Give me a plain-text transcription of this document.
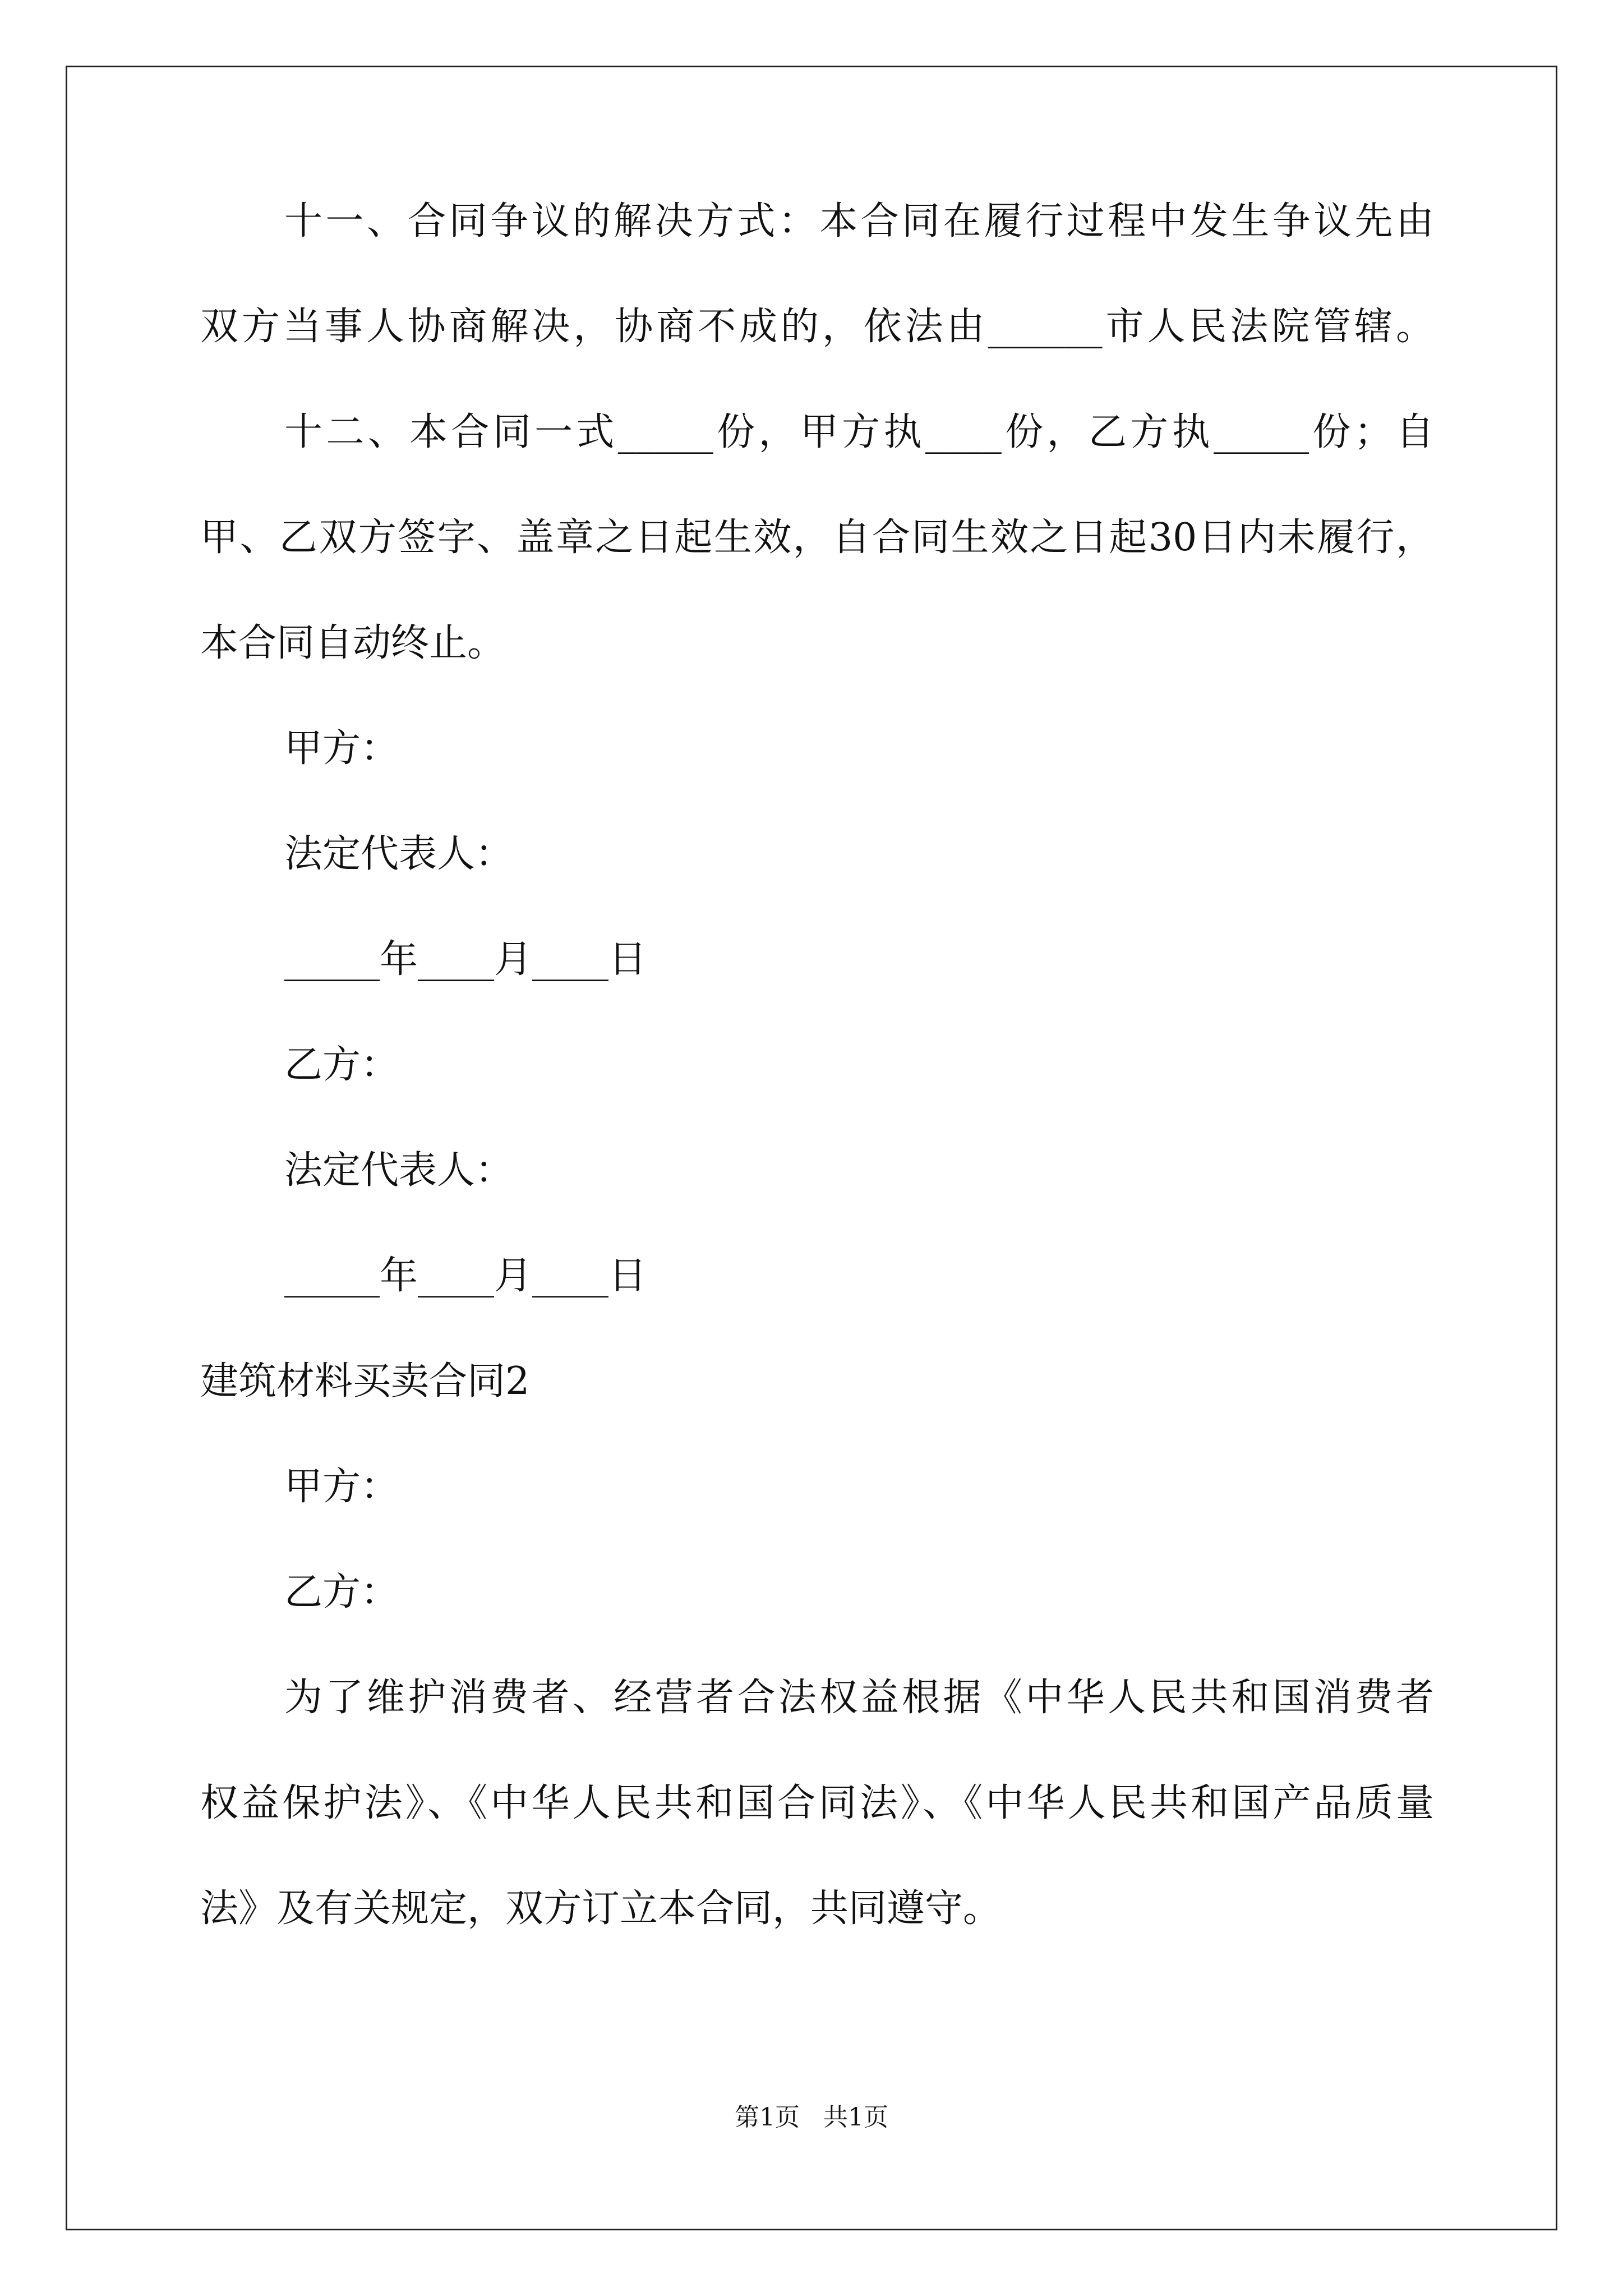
十一、合同争议的解决方式：本合同在履行过程中发生争议先由
双方当事人协商解决，协商不成的，依法由______市人民法院管辖。
十二、本合同一式_____份，甲方执____份，乙方执_____份；自
甲、乙双方签字、盖章之日起生效，自合同生效之日起30日内未履行，
本合同自动终止。
甲方：
法定代表人：
_____年____月____日
乙方：
法定代表人：
_____年____月____日
建筑材料买卖合同2
甲方：
乙方：
为了维护消费者、经营者合法权益根据《中华人民共和国消费者
权益保护法》、《中华人民共和国合同法》、《中华人民共和国产品质量
法》及有关规定，双方订立本合同，共同遵守。
第1页   共1页
